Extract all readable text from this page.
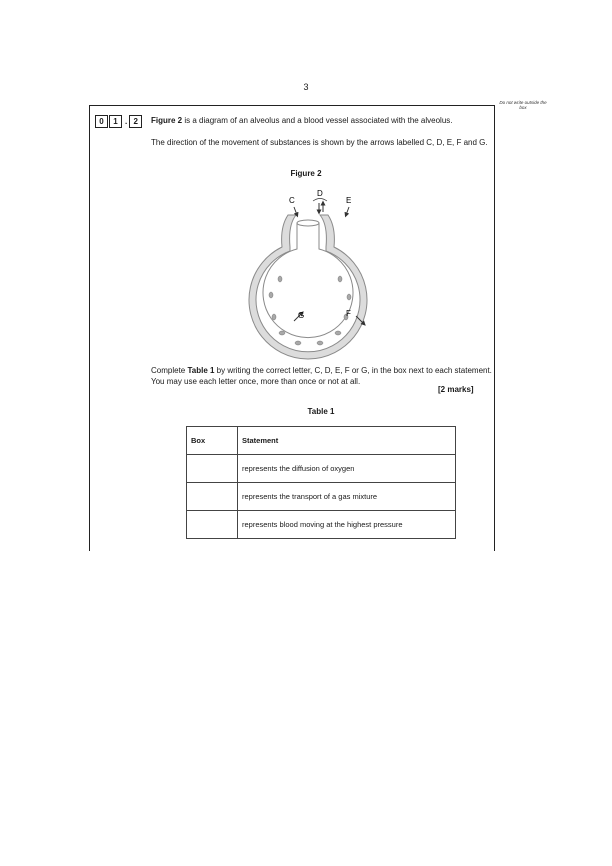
3
Do not write outside the box
0	1 . 2	Figure 2 is a diagram of an alveolus and a blood vessel associated with the alveolus.
The direction of the movement of substances is shown by the arrows labelled C, D, E, F and G.
Figure 2
C
D
E
G	F
Complete Table 1 by writing the correct letter, C, D, E, F or G, in the box next to each statement. You may use each letter once, more than once or not at all.
[2 marks]
Table 1
Box	Statement
	represents the diffusion of oxygen
	represents the transport of a gas mixture
	represents blood moving at the highest pressure
